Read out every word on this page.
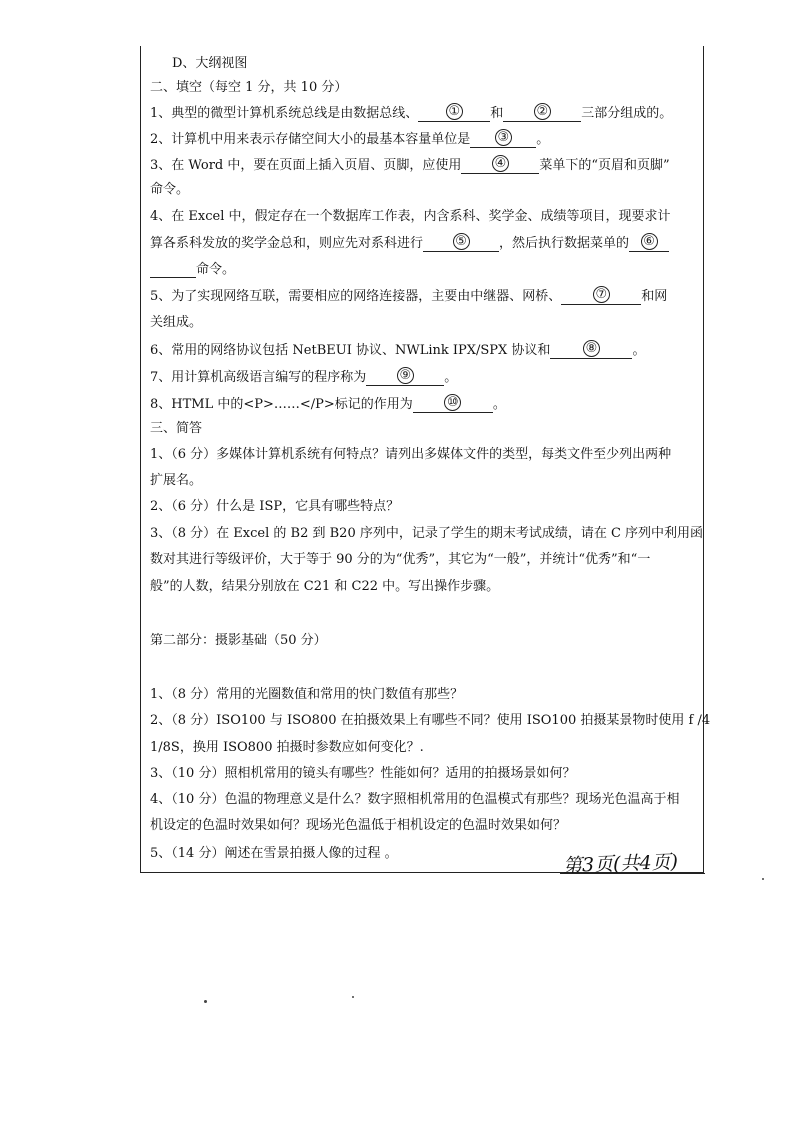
D、大纲视图
二、填空（每空 1 分，共 10 分）
1、典型的微型计算机系统总线是由数据总线、 ① 和	②	三部分组成的。
2、计算机中用来表示存储空间大小的最基本容量单位是 ③ 。
3、在 Word 中，要在页面上插入页眉、页脚，应使用	④	菜单下的“页眉和页脚”
命令。
4、在 Excel 中，假定存在一个数据库工作表，内含系科、奖学金、成绩等项目，现要求计
算各系科发放的奖学金总和，则应先对系科进行 ⑤ ，然后执行数据菜单的 ⑥
命令。
5、为了实现网络互联，需要相应的网络连接器，主要由中继器、网桥、	⑦	和网
关组成。
6、常用的网络协议包括 NetBEUI 协议、NWLink IPX/SPX 协议和	⑧	。
7、用计算机高级语言编写的程序称为	⑨	。
8、HTML 中的<P>……</P>标记的作用为	⑩	。
三、简答
1、（6 分）多媒体计算机系统有何特点？请列出多媒体文件的类型，每类文件至少列出两种
扩展名。
2、（6 分）什么是 ISP，它具有哪些特点？
3、（8 分）在 Excel 的 B2 到 B20 序列中，记录了学生的期末考试成绩，请在 C 序列中利用函
数对其进行等级评价，大于等于 90 分的为“优秀”，其它为“一般”，并统计“优秀”和“一
般”的人数，结果分别放在 C21 和 C22 中。写出操作步骤。
第二部分：摄影基础（50 分）
1、（8 分）常用的光圈数值和常用的快门数值有那些？
2、（8 分）ISO100 与 ISO800 在拍摄效果上有哪些不同？使用 ISO100 拍摄某景物时使用 f /4
1/8S，换用 ISO800 拍摄时参数应如何变化？.
3、（10 分）照相机常用的镜头有哪些？性能如何？适用的拍摄场景如何？
4、（10 分）色温的物理意义是什么？数字照相机常用的色温模式有那些？现场光色温高于相
机设定的色温时效果如何？现场光色温低于相机设定的色温时效果如何？
5、（14 分）阐述在雪景拍摄人像的过程 。	第3页(共4页)
